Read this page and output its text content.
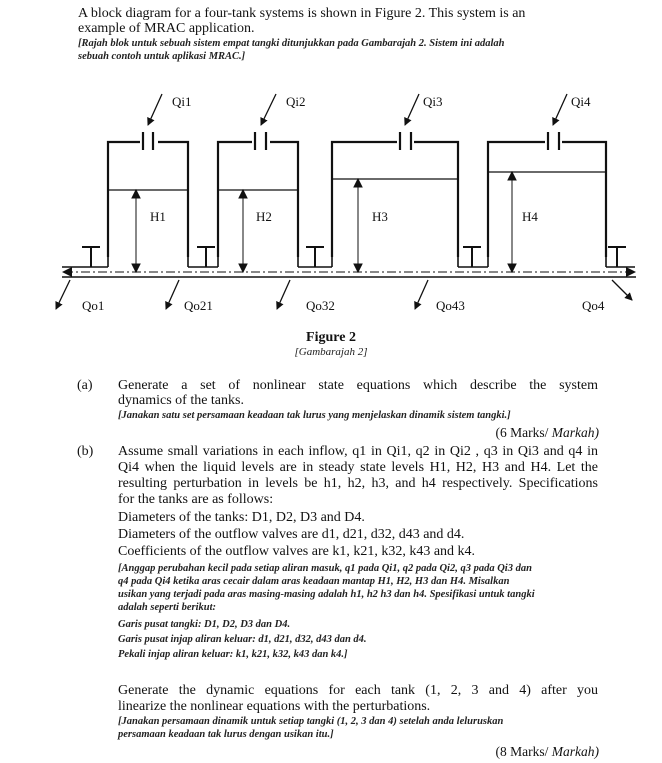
A block diagram for a four-tank systems is shown in Figure 2. This system is an
example of MRAC application.
[Rajah blok untuk sebuah sistem empat tangki ditunjukkan pada Gambarajah 2. Sistem ini adalah
sebuah contoh untuk aplikasi MRAC.]
Qi1	Qi2	Qi3	Qi4
H1	H2	H3	H4
Qo1	Qo21	Qo32	Qo43	Qo4
Figure 2
[Gambarajah 2]
(a) Generate a set of nonlinear state equations which describe the system
dynamics of the tanks.
[Janakan satu set persamaan keadaan tak lurus yang menjelaskan dinamik sistem tangki.]
(6 Marks/ Markah)
(b) Assume small variations in each inflow, q1 in Qi1, q2 in Qi2 , q3 in Qi3 and q4 in
Qi4 when the liquid levels are in steady state levels H1, H2, H3 and H4. Let the
resulting perturbation in levels be h1, h2, h3, and h4 respectively. Specifications
for the tanks are as follows:
Diameters of the tanks: D1, D2, D3 and D4.
Diameters of the outflow valves are d1, d21, d32, d43 and d4.
Coefficients of the outflow valves are k1, k21, k32, k43 and k4.
[Anggap perubahan kecil pada setiap aliran masuk, q1 pada Qi1, q2 pada Qi2, q3 pada Qi3 dan
q4 pada Qi4 ketika aras cecair dalam aras keadaan mantap H1, H2, H3 dan H4. Misalkan
usikan yang terjadi pada aras masing-masing adalah h1, h2 h3 dan h4. Spesifikasi untuk tangki
adalah seperti berikut:
Garis pusat tangki: D1, D2, D3 dan D4.
Garis pusat injap aliran keluar: d1, d21, d32, d43 dan d4.
Pekali injap aliran keluar: k1, k21, k32, k43 dan k4.]
Generate the dynamic equations for each tank (1, 2, 3 and 4) after you
linearize the nonlinear equations with the perturbations.
[Janakan persamaan dinamik untuk setiap tangki (1, 2, 3 dan 4) setelah anda leluruskan
persamaan keadaan tak lurus dengan usikan itu.]
(8 Marks/ Markah)
